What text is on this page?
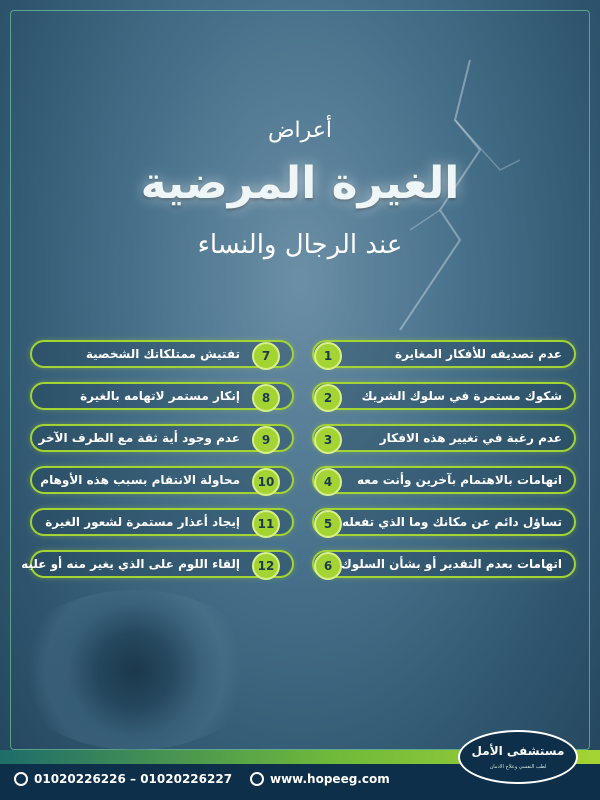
أعراض
الغيرة المرضية
عند الرجال والنساء
1	عدم تصديقه للأفكار المغايرة
2	شكوك مستمرة في سلوك الشريك
3	عدم رغبة في تغيير هذه الافكار
4	اتهامات بالاهتمام بآخرين وأنت معه
5 تساؤل دائم عن مكانك وما الذي تفعله
6 اتهامات بعدم التقدير أو بشأن السلوك
7
تفتيش ممتلكاتك الشخصية
8
إنكار مستمر لاتهامه بالغيرة
9
عدم وجود أية ثقة مع الطرف الآخر
10
محاولة الانتقام بسبب هذه الأوهام
11
إيجاد أعذار مستمرة لشعور الغيرة
12
إلقاء اللوم على الذي يغير منه أو عليه
01020226226 – 01020226227	www.hopeeg.com
مستشفى الأمل
لطب النفسي وعلاج الادمان
